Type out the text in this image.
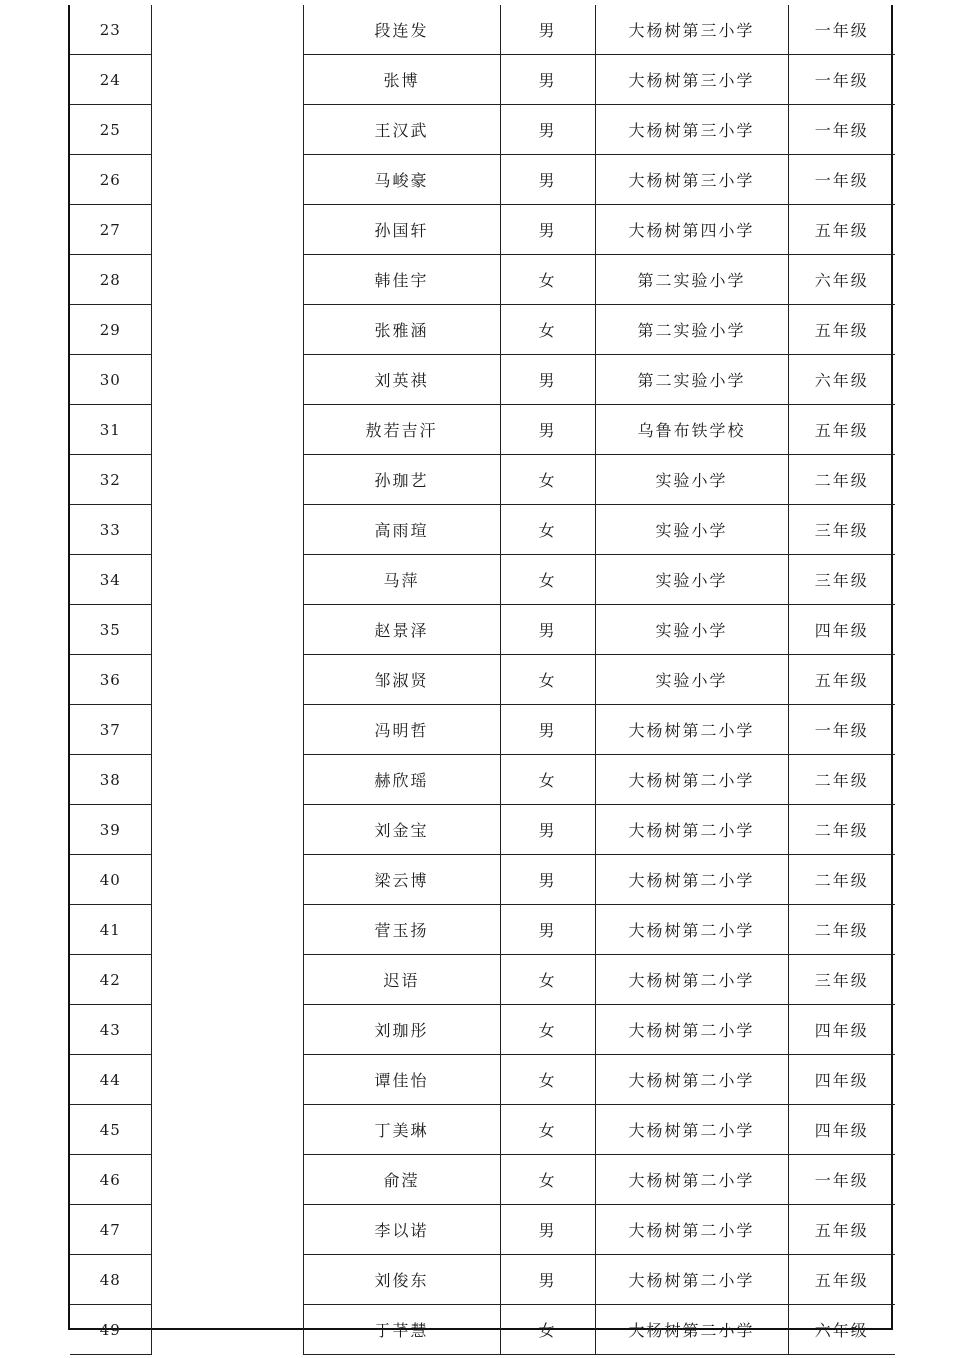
23		段连发	男	大杨树第三小学	一年级
24		张博	男	大杨树第三小学	一年级
25		王汉武	男	大杨树第三小学	一年级
26		马峻豪	男	大杨树第三小学	一年级
27		孙国轩	男	大杨树第四小学	五年级
28		韩佳宇	女	第二实验小学	六年级
29		张雅涵	女	第二实验小学	五年级
30		刘英祺	男	第二实验小学	六年级
31		敖若吉汗	男	乌鲁布铁学校	五年级
32		孙珈艺	女	实验小学	二年级
33		高雨瑄	女	实验小学	三年级
34		马萍	女	实验小学	三年级
35		赵景泽	男	实验小学	四年级
36		邹淑贤	女	实验小学	五年级
37		冯明哲	男	大杨树第二小学	一年级
38		赫欣瑶	女	大杨树第二小学	二年级
39		刘金宝	男	大杨树第二小学	二年级
40		梁云博	男	大杨树第二小学	二年级
41		菅玉扬	男	大杨树第二小学	二年级
42		迟语	女	大杨树第二小学	三年级
43		刘珈彤	女	大杨树第二小学	四年级
44		谭佳怡	女	大杨树第二小学	四年级
45		丁美琳	女	大杨树第二小学	四年级
46		俞滢	女	大杨树第二小学	一年级
47		李以诺	男	大杨树第二小学	五年级
48		刘俊东	男	大杨树第二小学	五年级
49		于芊慧	女	大杨树第二小学	六年级
